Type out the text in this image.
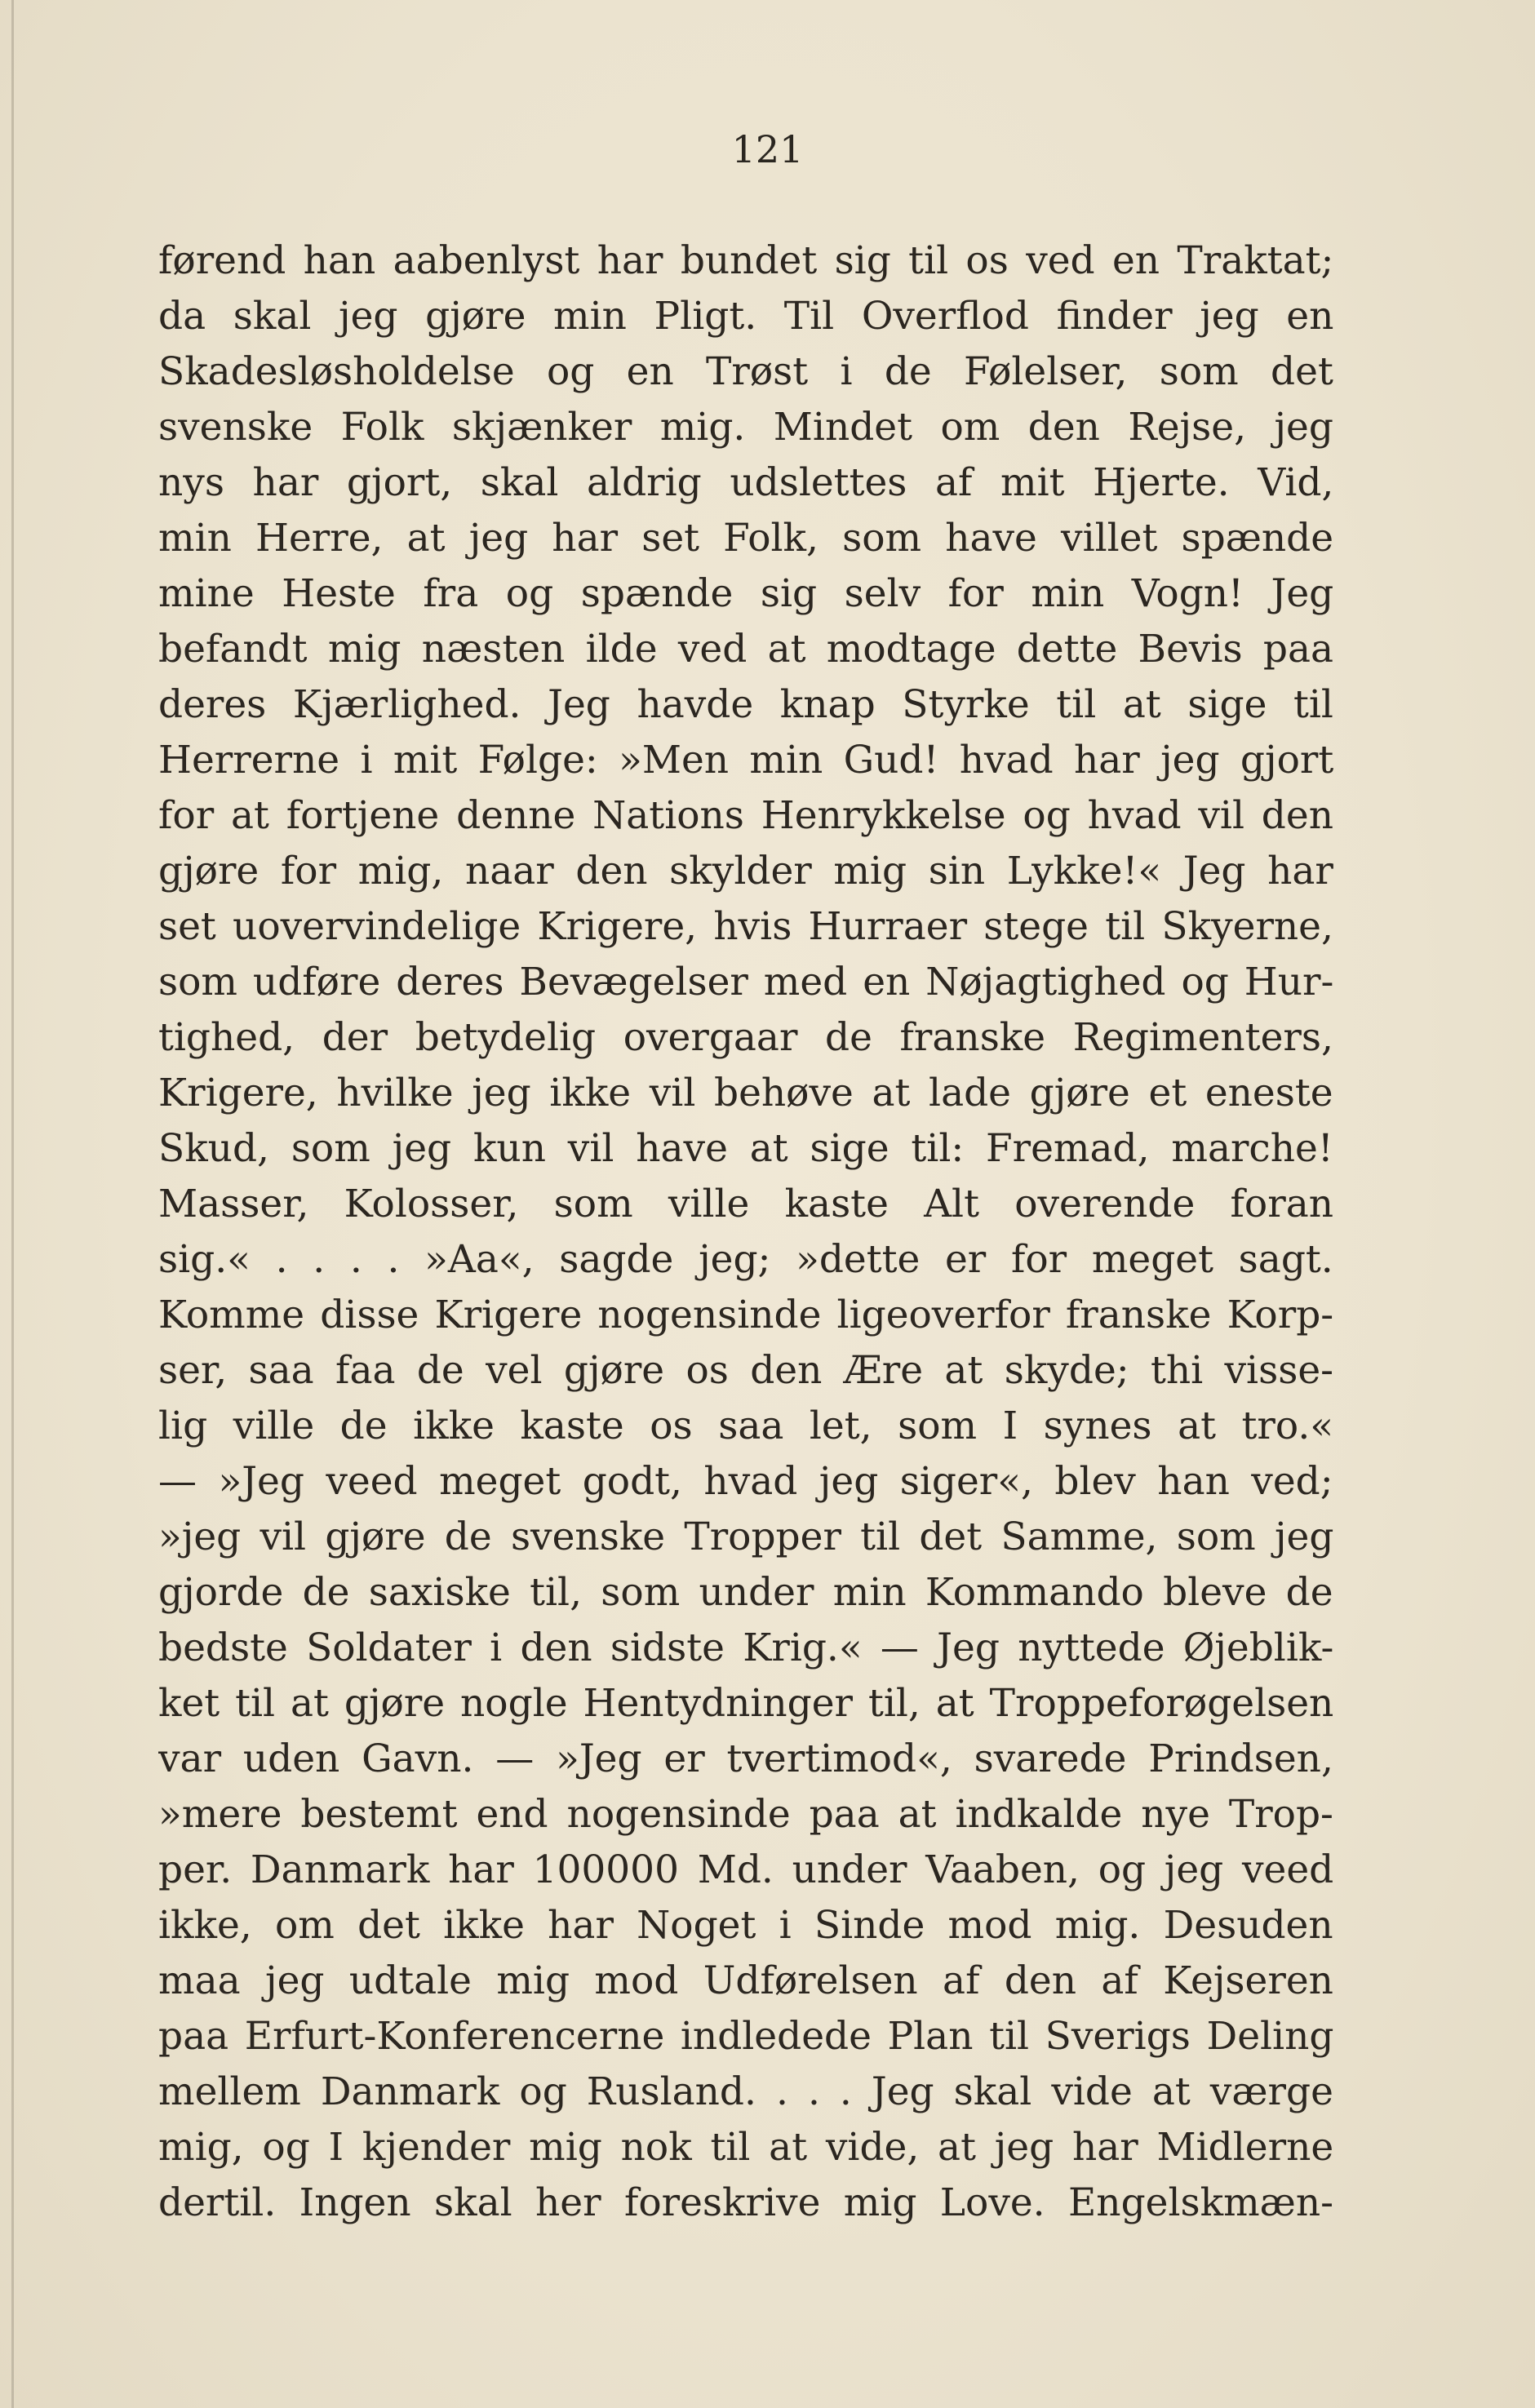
121
førend han aabenlyst har bundet sig til os ved en Traktat;
da skal jeg gjøre min Pligt. Til Overflod finder jeg en
Skadesløsholdelse og en Trøst i de Følelser, som det
svenske Folk skjænker mig. Mindet om den Rejse, jeg
nys har gjort, skal aldrig udslettes af mit Hjerte. Vid,
min Herre, at jeg har set Folk, som have villet spænde
mine Heste fra og spænde sig selv for min Vogn! Jeg
befandt mig næsten ilde ved at modtage dette Bevis paa
deres Kjærlighed. Jeg havde knap Styrke til at sige til
Herrerne i mit Følge: »Men min Gud! hvad har jeg gjort
for at fortjene denne Nations Henrykkelse og hvad vil den
gjøre for mig, naar den skylder mig sin Lykke!« Jeg har
set uovervindelige Krigere, hvis Hurraer stege til Skyerne,
som udføre deres Bevægelser med en Nøjagtighed og Hur-
tighed, der betydelig overgaar de franske Regimenters,
Krigere, hvilke jeg ikke vil behøve at lade gjøre et eneste
Skud, som jeg kun vil have at sige til: Fremad, marche!
Masser, Kolosser, som ville kaste Alt overende foran
sig.« . . . . »Aa«, sagde jeg; »dette er for meget sagt.
Komme disse Krigere nogensinde ligeoverfor franske Korp-
ser, saa faa de vel gjøre os den Ære at skyde; thi visse-
lig ville de ikke kaste os saa let, som I synes at tro.«
— »Jeg veed meget godt, hvad jeg siger«, blev han ved;
»jeg vil gjøre de svenske Tropper til det Samme, som jeg
gjorde de saxiske til, som under min Kommando bleve de
bedste Soldater i den sidste Krig.« — Jeg nyttede Øjeblik-
ket til at gjøre nogle Hentydninger til, at Troppeforøgelsen
var uden Gavn. — »Jeg er tvertimod«, svarede Prindsen,
»mere bestemt end nogensinde paa at indkalde nye Trop-
per. Danmark har 100000 Md. under Vaaben, og jeg veed
ikke, om det ikke har Noget i Sinde mod mig. Desuden
maa jeg udtale mig mod Udførelsen af den af Kejseren
paa Erfurt-Konferencerne indledede Plan til Sverigs Deling
mellem Danmark og Rusland. . . . Jeg skal vide at værge
mig, og I kjender mig nok til at vide, at jeg har Midlerne
dertil. Ingen skal her foreskrive mig Love. Engelskmæn-
